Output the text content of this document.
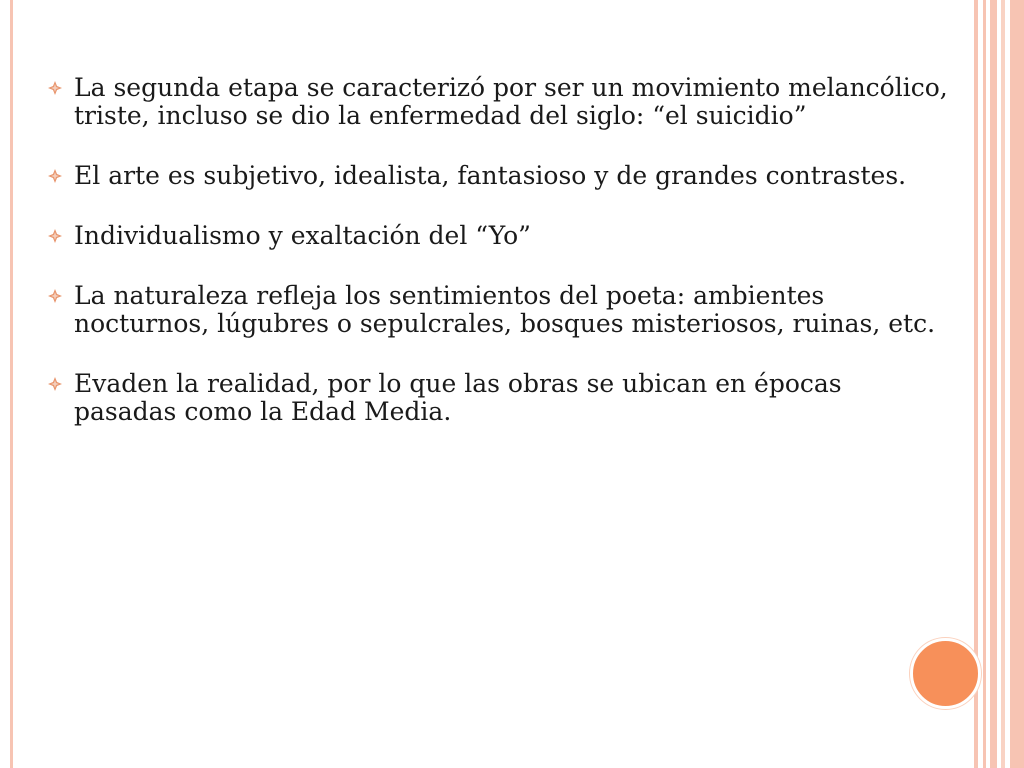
La segunda etapa se caracterizó por ser un movimiento melancólico, triste, incluso se dio la enfermedad del siglo: “el suicidio”
El arte es subjetivo, idealista, fantasioso y de grandes contrastes.
Individualismo y exaltación del “Yo”
La naturaleza refleja los sentimientos del poeta: ambientes nocturnos, lúgubres o sepulcrales, bosques misteriosos, ruinas, etc.
Evaden la realidad, por lo que las obras se ubican en épocas pasadas como la Edad Media.
